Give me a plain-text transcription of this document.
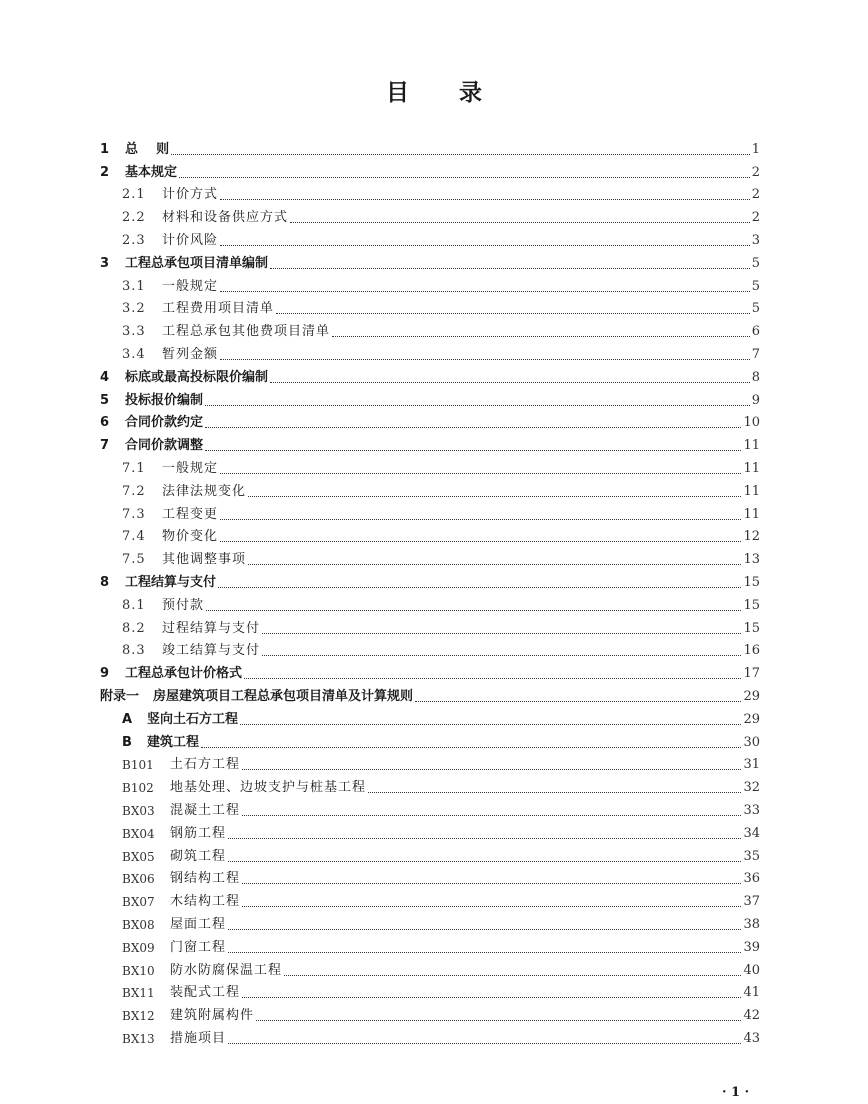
目 录
1	总    则	1
2	基本规定	2
2.1	计价方式	2
2.2	材料和设备供应方式	2
2.3	计价风险	3
3	工程总承包项目清单编制	5
3.1	一般规定	5
3.2	工程费用项目清单	5
3.3	工程总承包其他费项目清单	6
3.4	暂列金额	7
4	标底或最高投标限价编制	8
5	投标报价编制	9
6	合同价款约定	10
7	合同价款调整	11
7.1	一般规定	11
7.2	法律法规变化	11
7.3	工程变更	11
7.4	物价变化	12
7.5	其他调整事项	13
8	工程结算与支付	15
8.1	预付款	15
8.2	过程结算与支付	15
8.3	竣工结算与支付	16
9	工程总承包计价格式	17
附录一 房屋建筑项目工程总承包项目清单及计算规则	29
A	竖向土石方工程	29
B	建筑工程	30
B101	土石方工程	31
B102	地基处理、边坡支护与桩基工程	32
BX03	混凝土工程	33
BX04	钢筋工程	34
BX05	砌筑工程	35
BX06	钢结构工程	36
BX07	木结构工程	37
BX08	屋面工程	38
BX09	门窗工程	39
BX10	防水防腐保温工程	40
BX11	装配式工程	41
BX12	建筑附属构件	42
BX13	措施项目	43
· 1 ·
